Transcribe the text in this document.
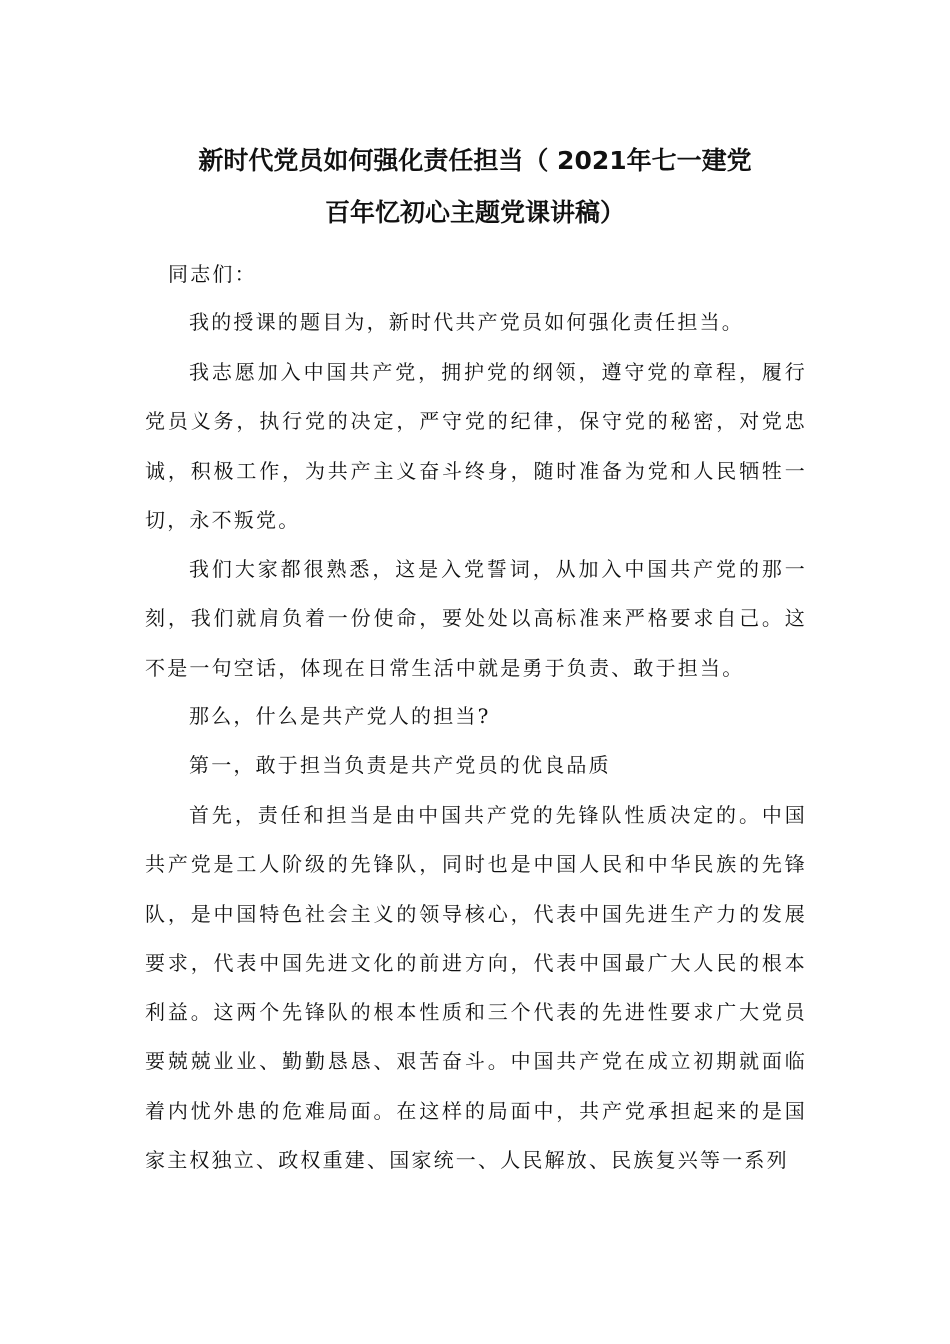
新时代党员如何强化责任担当（ 2021年七一建党
百年忆初心主题党课讲稿）

同志们：

我的授课的题目为，新时代共产党员如何强化责任担当。

我志愿加入中国共产党，拥护党的纲领，遵守党的章程，履行党员义务，执行党的决定，严守党的纪律，保守党的秘密，对党忠诚，积极工作，为共产主义奋斗终身，随时准备为党和人民牺牲一切，永不叛党。

我们大家都很熟悉，这是入党誓词，从加入中国共产党的那一刻，我们就肩负着一份使命，要处处以高标准来严格要求自己。这不是一句空话，体现在日常生活中就是勇于负责、敢于担当。

那么，什么是共产党人的担当?

第一，敢于担当负责是共产党员的优良品质

首先，责任和担当是由中国共产党的先锋队性质决定的。中国共产党是工人阶级的先锋队，同时也是中国人民和中华民族的先锋队，是中国特色社会主义的领导核心，代表中国先进生产力的发展要求，代表中国先进文化的前进方向，代表中国最广大人民的根本利益。这两个先锋队的根本性质和三个代表的先进性要求广大党员要兢兢业业、勤勤恳恳、艰苦奋斗。中国共产党在成立初期就面临着内忧外患的危难局面。在这样的局面中，共产党承担起来的是国家主权独立、政权重建、国家统一、人民解放、民族复兴等一系列
